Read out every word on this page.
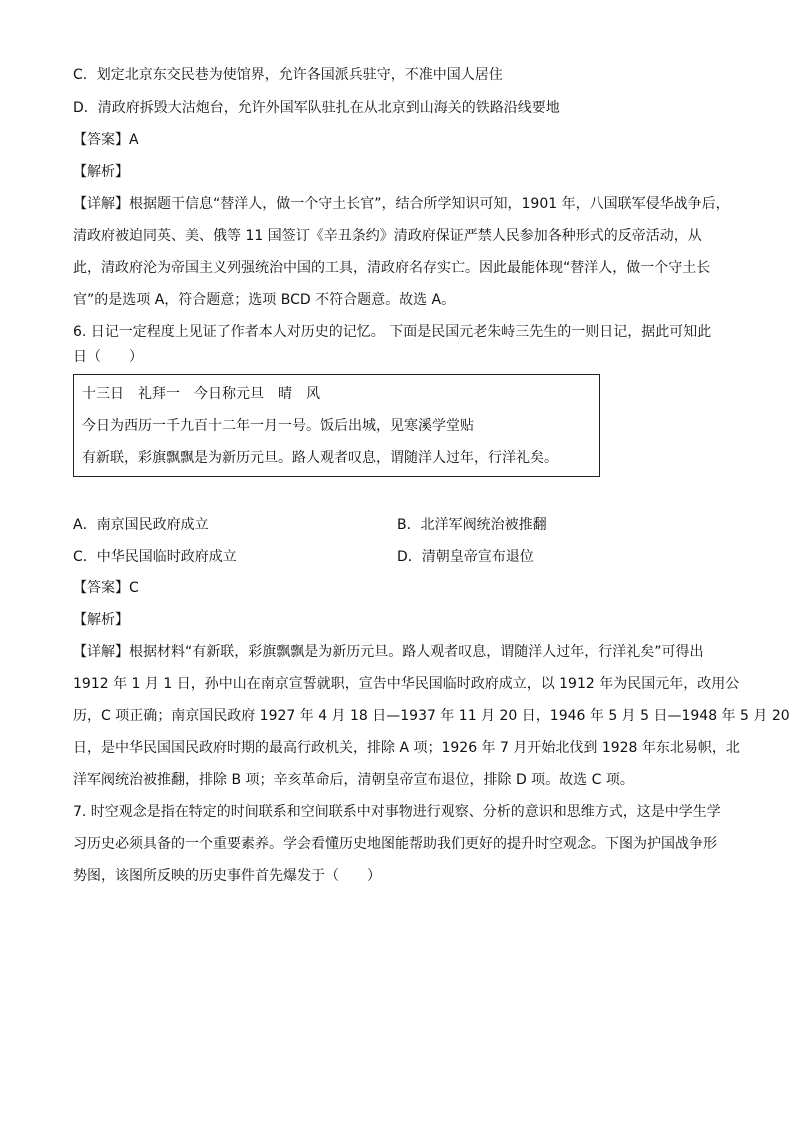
C．划定北京东交民巷为使馆界，允许各国派兵驻守，不准中国人居住
D．清政府拆毁大沽炮台，允许外国军队驻扎在从北京到山海关的铁路沿线要地
【答案】A
【解析】
【详解】根据题干信息“替洋人，做一个守土长官”，结合所学知识可知，1901 年，八国联军侵华战争后，
清政府被迫同英、美、俄等 11 国签订《辛丑条约》清政府保证严禁人民参加各种形式的反帝活动，从
此，清政府沦为帝国主义列强统治中国的工具，清政府名存实亡。因此最能体现“替洋人，做一个守土长
官”的是选项 A，符合题意；选项 BCD 不符合题意。故选 A。
6. 日记一定程度上见证了作者本人对历史的记忆。 下面是民国元老朱峙三先生的一则日记，据此可知此
日（　　）
十三日　礼拜一　今日称元旦　晴　风
今日为西历一千九百十二年一月一号。饭后出城，见寒溪学堂贴
有新联，彩旗飘飘是为新历元旦。路人观者叹息，谓随洋人过年，行洋礼矣。
A．南京国民政府成立	B．北洋军阀统治被推翻
C．中华民国临时政府成立	D．清朝皇帝宣布退位
【答案】C
【解析】
【详解】根据材料“有新联，彩旗飘飘是为新历元旦。路人观者叹息，谓随洋人过年，行洋礼矣”可得出
1912 年 1 月 1 日，孙中山在南京宣誓就职，宣告中华民国临时政府成立，以 1912 年为民国元年，改用公
历，C 项正确；南京国民政府 1927 年 4 月 18 日—1937 年 11 月 20 日，1946 年 5 月 5 日—1948 年 5 月 20
日，是中华民国国民政府时期的最高行政机关，排除 A 项；1926 年 7 月开始北伐到 1928 年东北易帜，北
洋军阀统治被推翻，排除 B 项；辛亥革命后，清朝皇帝宣布退位，排除 D 项。故选 C 项。
7. 时空观念是指在特定的时间联系和空间联系中对事物进行观察、分析的意识和思维方式，这是中学生学
习历史必须具备的一个重要素养。学会看懂历史地图能帮助我们更好的提升时空观念。下图为护国战争形
势图，该图所反映的历史事件首先爆发于（　　）
